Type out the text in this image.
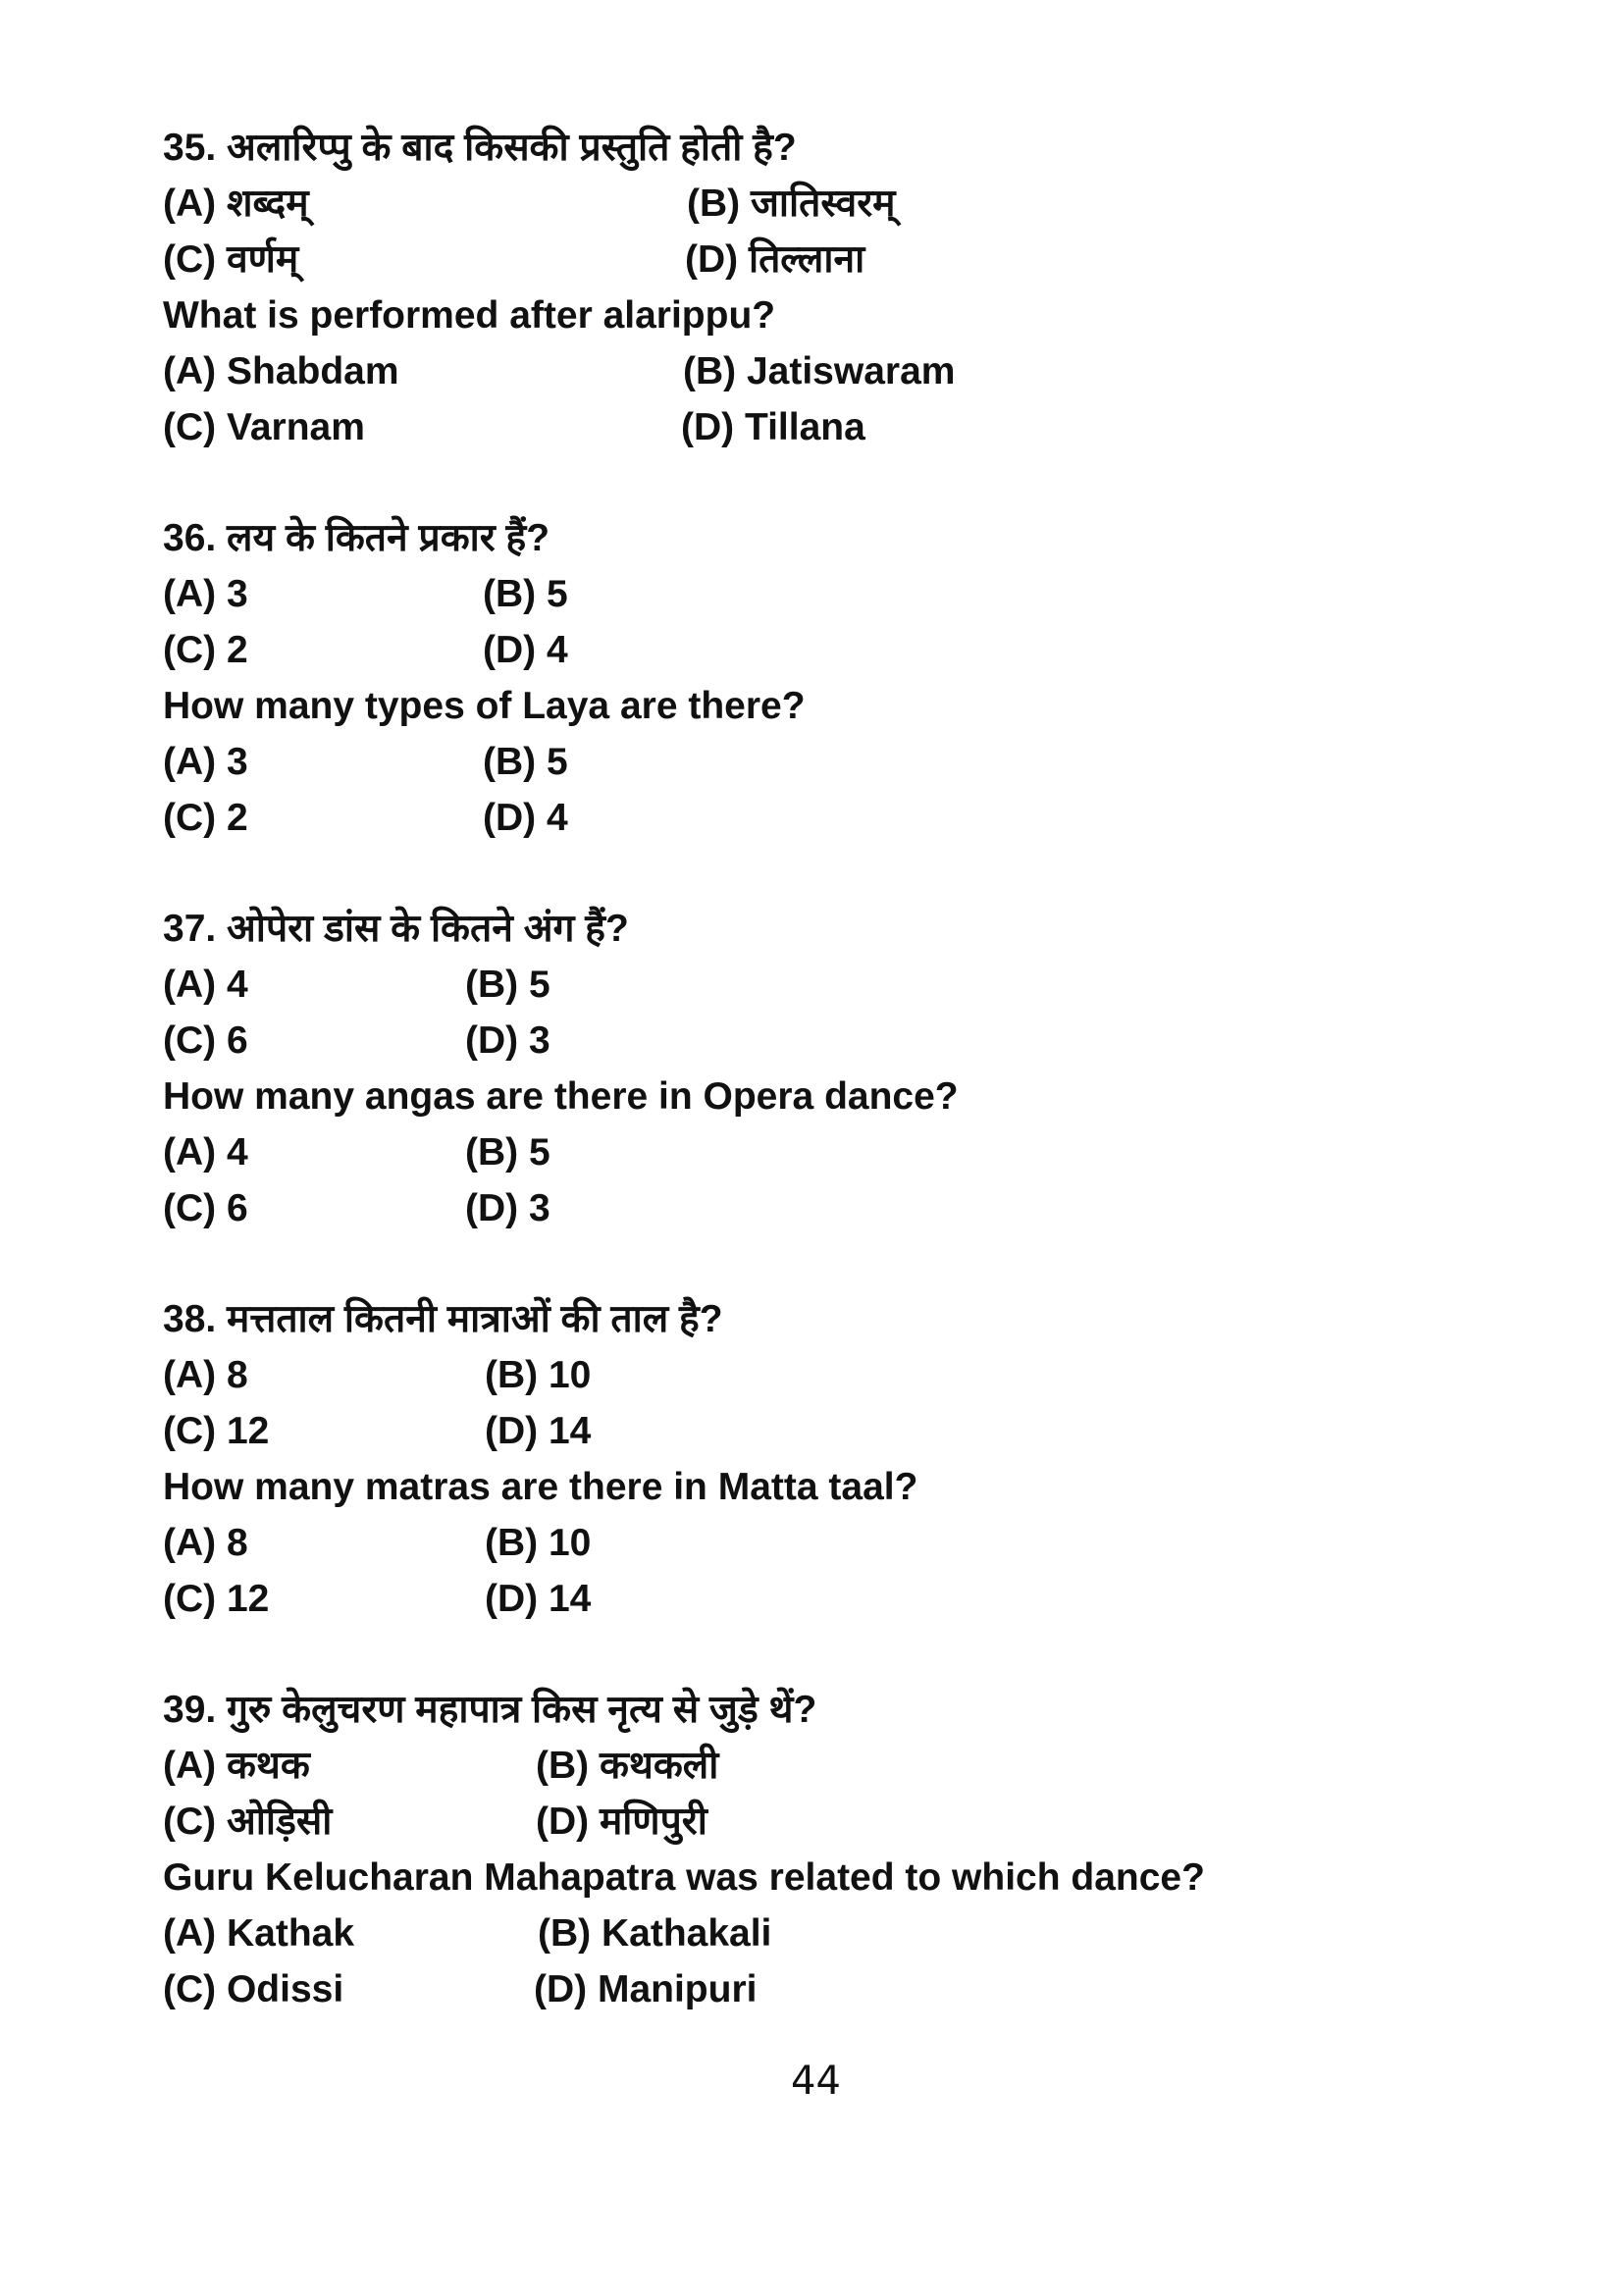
35. अलारिप्पु के बाद किसकी प्रस्तुति होती है?
(A) शब्दम्	(B) जातिस्वरम्
(C) वर्णम्	(D) तिल्लाना
What is performed after alarippu?
(A) Shabdam	(B) Jatiswaram
(C) Varnam	(D) Tillana
36. लय के कितने प्रकार हैं?
(A) 3	(B) 5
(C) 2	(D) 4
How many types of Laya are there?
(A) 3	(B) 5
(C) 2	(D) 4
37. ओपेरा डांस के कितने अंग हैं?
(A) 4	(B) 5
(C) 6	(D) 3
How many angas are there in Opera dance?
(A) 4	(B) 5
(C) 6	(D) 3
38. मत्तताल कितनी मात्राओं की ताल है?
(A) 8	(B) 10
(C) 12	(D) 14
How many matras are there in Matta taal?
(A) 8	(B) 10
(C) 12	(D) 14
39. गुरु केलुचरण महापात्र किस नृत्य से जुड़े थें?
(A) कथक	(B) कथकली
(C) ओड़िसी	(D) मणिपुरी
Guru Kelucharan Mahapatra was related to which dance?
(A) Kathak	(B) Kathakali
(C) Odissi	(D) Manipuri
44
